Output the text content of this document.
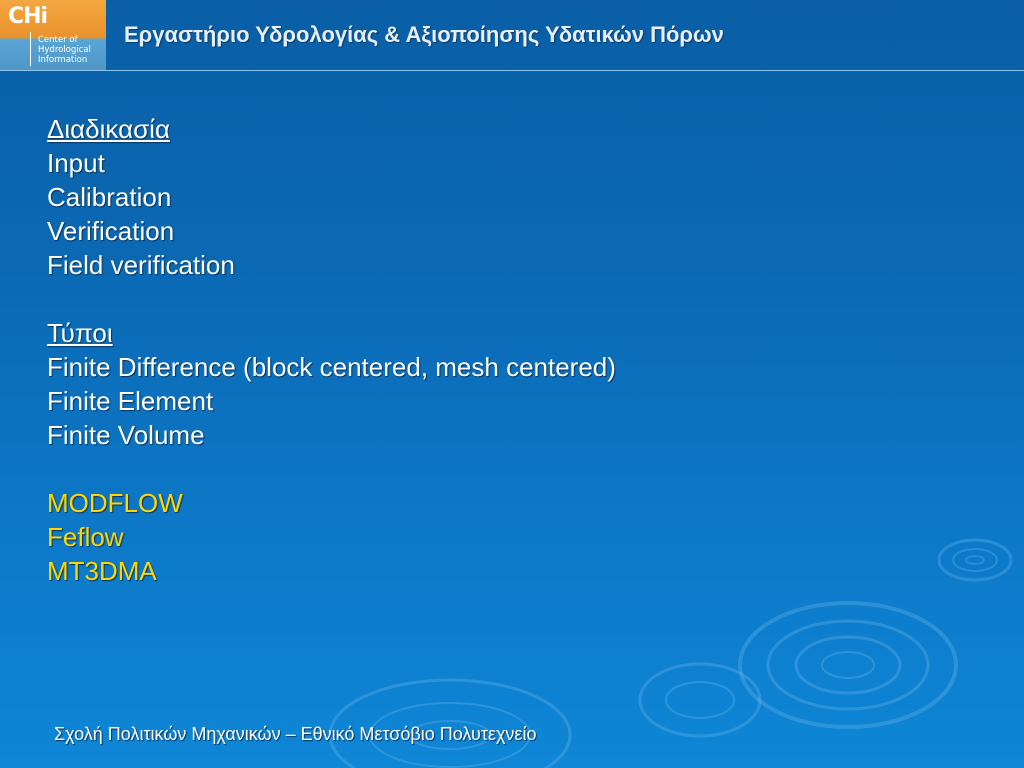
CHi
Center of
Hydrological
Information
Εργαστήριο Υδρολογίας & Αξιοποίησης Υδατικών Πόρων
Διαδικασία
Input
Calibration
Verification
Field verification
Τύποι
Finite Difference (block centered, mesh centered)
Finite Element
Finite Volume
MODFLOW
Feflow
MT3DMA
Σχολή Πολιτικών Μηχανικών – Εθνικό Μετσόβιο Πολυτεχνείο
